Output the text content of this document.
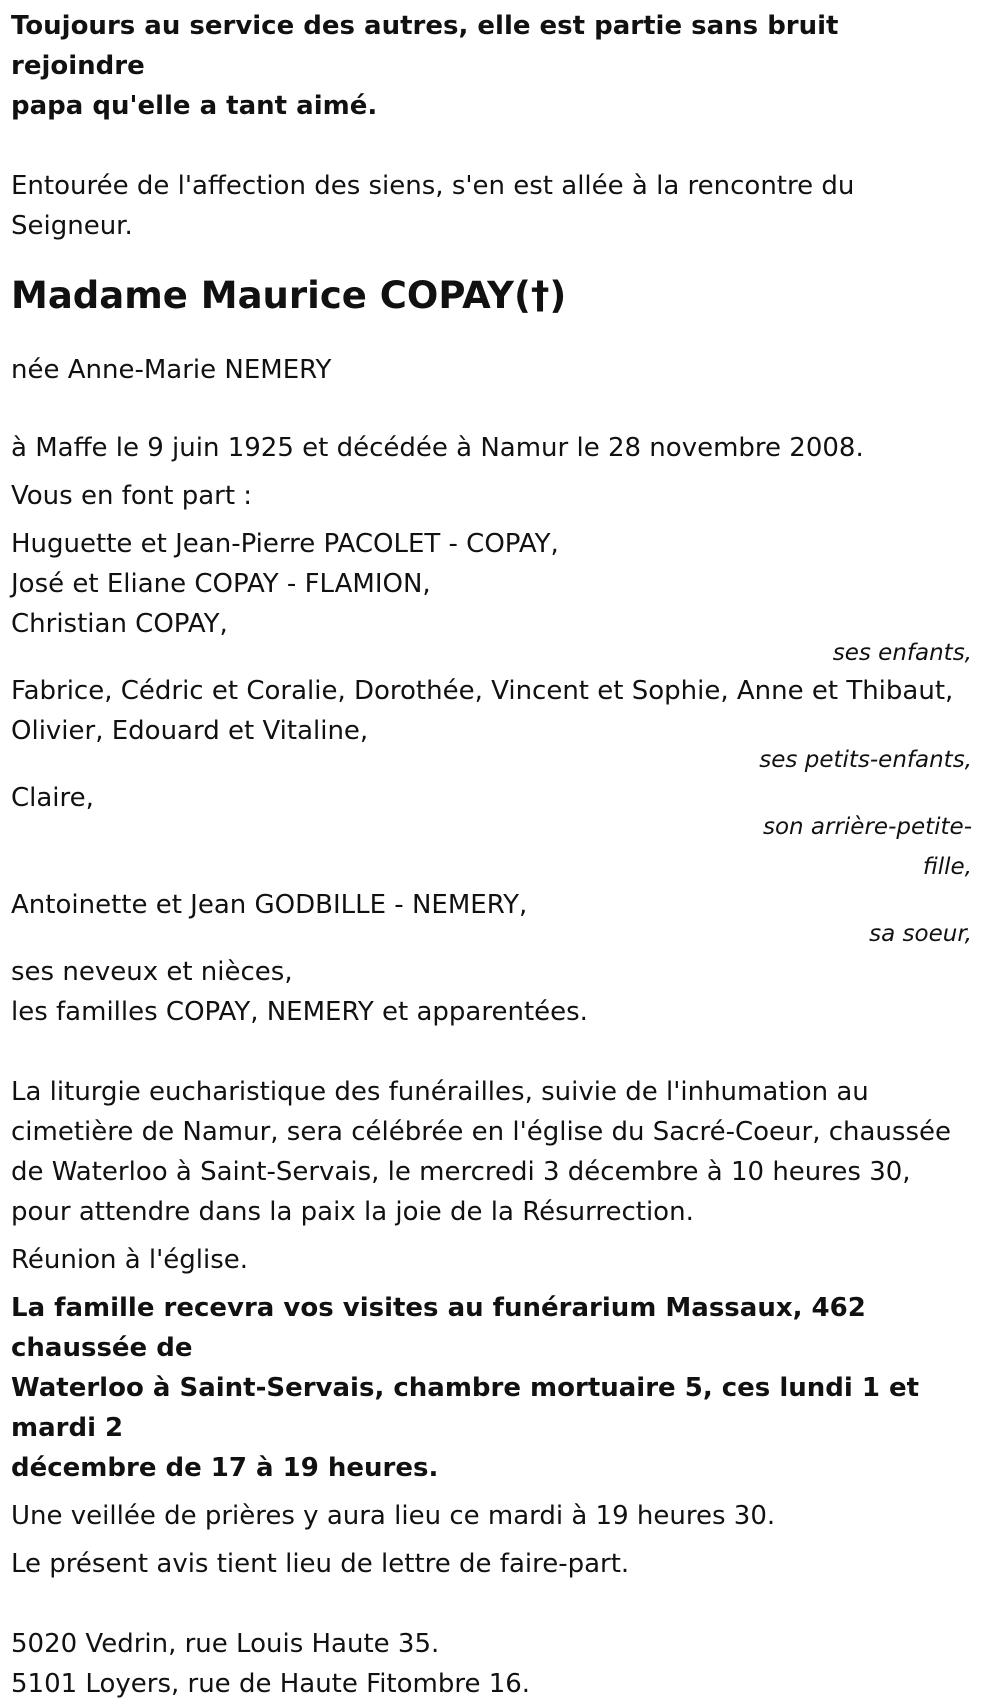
Toujours au service des autres, elle est partie sans bruit rejoindre
papa qu'elle a tant aimé.

Entourée de l'affection des siens, s'en est allée à la rencontre du
Seigneur.

Madame Maurice COPAY(†)

née Anne-Marie NEMERY

à Maffe le 9 juin 1925 et décédée à Namur le 28 novembre 2008.

Vous en font part :

Huguette et Jean-Pierre PACOLET - COPAY,
José et Eliane COPAY - FLAMION,
Christian COPAY,

ses enfants,

Fabrice, Cédric et Coralie, Dorothée, Vincent et Sophie, Anne et Thibaut,
Olivier, Edouard et Vitaline,

ses petits-enfants,

Claire,

son arrière-petite-
fille,

Antoinette et Jean GODBILLE - NEMERY,

sa soeur,

ses neveux et nièces,
les familles COPAY, NEMERY et apparentées.

La liturgie eucharistique des funérailles, suivie de l'inhumation au
cimetière de Namur, sera célébrée en l'église du Sacré-Coeur, chaussée
de Waterloo à Saint-Servais, le mercredi 3 décembre à 10 heures 30,
pour attendre dans la paix la joie de la Résurrection.

Réunion à l'église.

La famille recevra vos visites au funérarium Massaux, 462 chaussée de
Waterloo à Saint-Servais, chambre mortuaire 5, ces lundi 1 et mardi 2
décembre de 17 à 19 heures.

Une veillée de prières y aura lieu ce mardi à 19 heures 30.

Le présent avis tient lieu de lettre de faire-part.

5020 Vedrin, rue Louis Haute 35.
5101 Loyers, rue de Haute Fitombre 16.
